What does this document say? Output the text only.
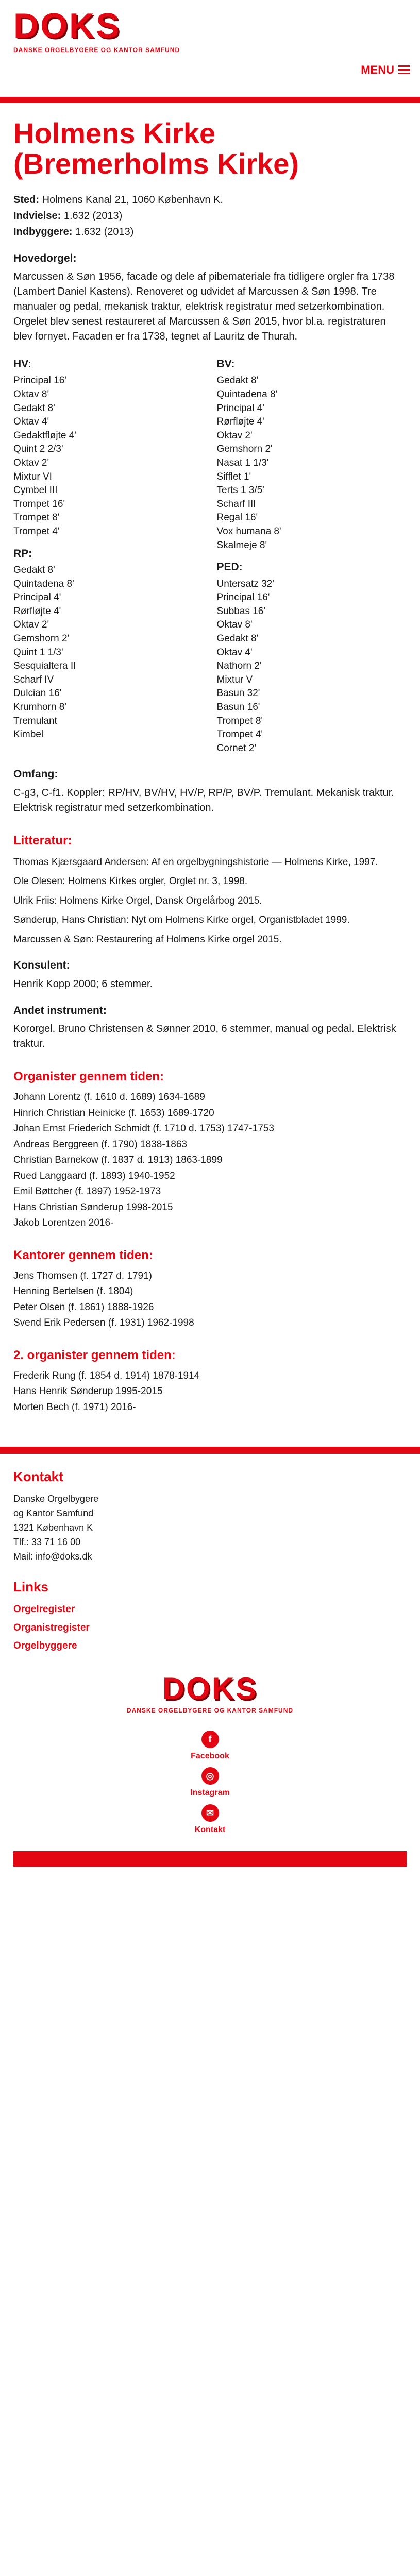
DOKS
DANSKE ORGELBYGERE OG KANTOR SAMFUND
MENU
Holmens Kirke (Bremerholms Kirke)
Sted: Holmens Kanal 21, 1060 København K.
Indvielse: 1.632 (2013)
Indbyggere: 1.632 (2013)
Hovedorgel:
Marcussen & Søn 1956, facade og dele af pibemateriale fra tidligere orgler fra 1738 (Lambert Daniel Kastens). Renoveret og udvidet af Marcussen & Søn 1998. Tre manualer og pedal, mekanisk traktur, elektrisk registratur med setzerkombination. Orgelet blev senest restaureret af Marcussen & Søn 2015, hvor bl.a. registraturen blev fornyet. Facaden er fra 1738, tegnet af Lauritz de Thurah.
HV:
Principal 16'
Oktav 8'
Gedakt 8'
Oktav 4'
Gedaktfløjte 4'
Quint 2 2/3'
Oktav 2'
Mixtur VI
Cymbel III
Trompet 16'
Trompet 8'
Trompet 4'
RP:
Gedakt 8'
Quintadena 8'
Principal 4'
Rørfløjte 4'
Oktav 2'
Gemshorn 2'
Quint 1 1/3'
Sesquialtera II
Scharf IV
Dulcian 16'
Krumhorn 8'
Tremulant
Kimbel
BV:
Gedakt 8'
Quintadena 8'
Principal 4'
Rørfløjte 4'
Oktav 2'
Gemshorn 2'
Nasat 1 1/3'
Sifflet 1'
Terts 1 3/5'
Scharf III
Regal 16'
Vox humana 8'
Skalmeje 8'
PED:
Untersatz 32'
Principal 16'
Subbas 16'
Oktav 8'
Gedakt 8'
Oktav 4'
Nathorn 2'
Mixtur V
Basun 32'
Basun 16'
Trompet 8'
Trompet 4'
Cornet 2'
Omfang:
C-g3, C-f1. Koppler: RP/HV, BV/HV, HV/P, RP/P, BV/P. Tremulant. Mekanisk traktur. Elektrisk registratur med setzerkombination.
Litteratur:
Thomas Kjærsgaard Andersen: Af en orgelbygningshistorie — Holmens Kirke, 1997.
Ole Olesen: Holmens Kirkes orgler, Orglet nr. 3, 1998.
Ulrik Friis: Holmens Kirke Orgel, Dansk Orgelårbog 2015.
Sønderup, Hans Christian: Nyt om Holmens Kirke orgel, Organistbladet 1999.
Marcussen & Søn: Restaurering af Holmens Kirke orgel 2015.
Konsulent:
Henrik Kopp 2000; 6 stemmer.
Andet instrument:
Kororgel. Bruno Christensen & Sønner 2010, 6 stemmer, manual og pedal. Elektrisk traktur.
Organister gennem tiden:
Johann Lorentz (f. 1610 d. 1689) 1634-1689
Hinrich Christian Heinicke (f. 1653) 1689-1720
Johan Ernst Friederich Schmidt (f. 1710 d. 1753) 1747-1753
Andreas Berggreen (f. 1790) 1838-1863
Christian Barnekow (f. 1837 d. 1913) 1863-1899
Rued Langgaard (f. 1893) 1940-1952
Emil Bøttcher (f. 1897) 1952-1973
Hans Christian Sønderup 1998-2015
Jakob Lorentzen 2016-
Kantorer gennem tiden:
Jens Thomsen (f. 1727 d. 1791)
Henning Bertelsen (f. 1804)
Peter Olsen (f. 1861) 1888-1926
Svend Erik Pedersen (f. 1931) 1962-1998
2. organister gennem tiden:
Frederik Rung (f. 1854 d. 1914) 1878-1914
Hans Henrik Sønderup 1995-2015
Morten Bech (f. 1971) 2016-
Kontakt
Danske Orgelbygere
og Kantor Samfund
1321 København K
Tlf.: 33 71 16 00
Mail: info@doks.dk
Links
Orgelregister
Organistregister
Orgelbyggere
DOKS
DANSKE ORGELBYGERE OG KANTOR SAMFUND
f
Facebook
◎
Instagram
✉
Kontakt
